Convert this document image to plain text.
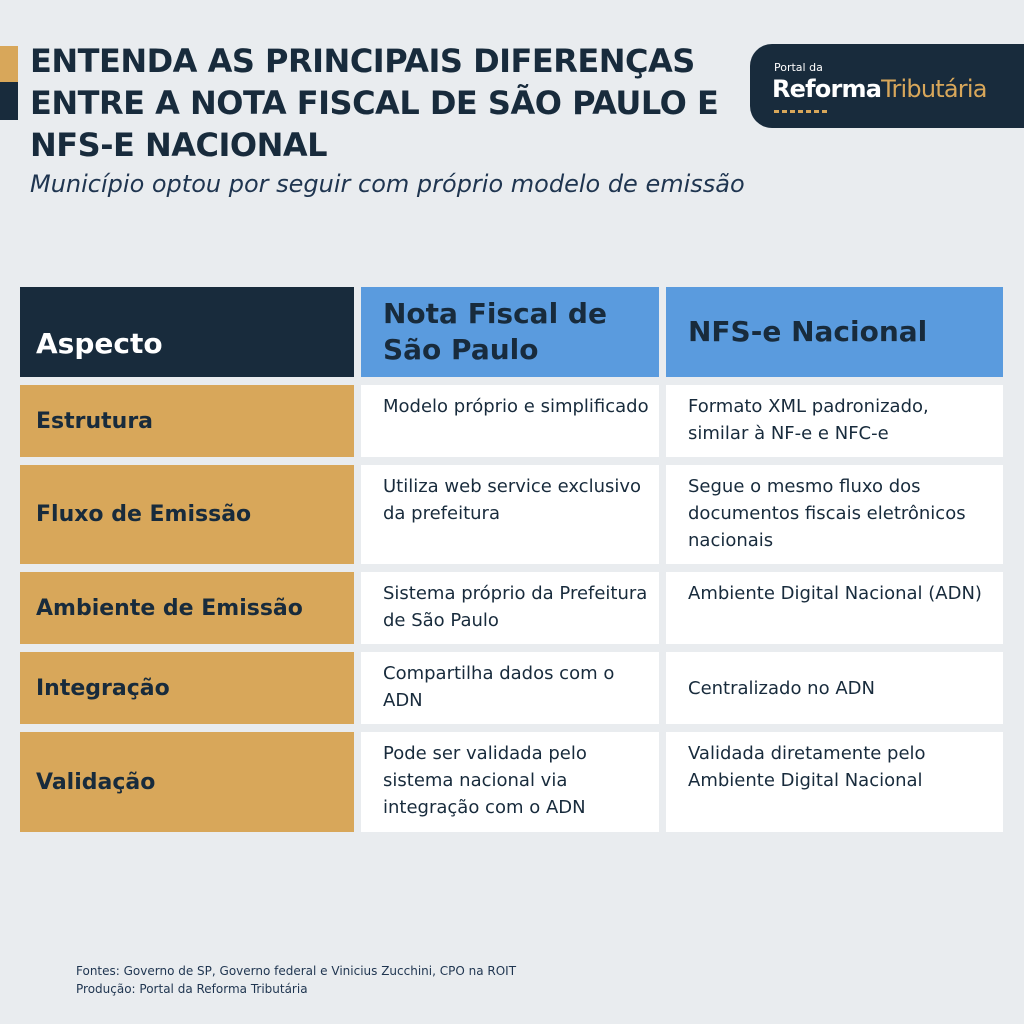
ENTENDA AS PRINCIPAIS DIFERENÇAS ENTRE A NOTA FISCAL DE SÃO PAULO E NFS-E NACIONAL
Município optou por seguir com próprio modelo de emissão
Portal da
ReformaTributária
Aspecto
Nota Fiscal de São Paulo
NFS-e Nacional
Estrutura
Modelo próprio e simplificado	Formato XML padronizado, similar à NF-e e NFC-e
Fluxo de Emissão
Utiliza web service exclusivo da prefeitura
Segue o mesmo fluxo dos documentos fiscais eletrônicos nacionais
Ambiente de Emissão
Sistema próprio da Prefeitura de São Paulo
Ambiente Digital Nacional (ADN)
Integração
Compartilha dados com o ADN
Centralizado no ADN
Validação
Pode ser validada pelo sistema nacional via integração com o ADN
Validada diretamente pelo Ambiente Digital Nacional
Fontes: Governo de SP, Governo federal e Vinicius Zucchini, CPO na ROIT
Produção: Portal da Reforma Tributária
